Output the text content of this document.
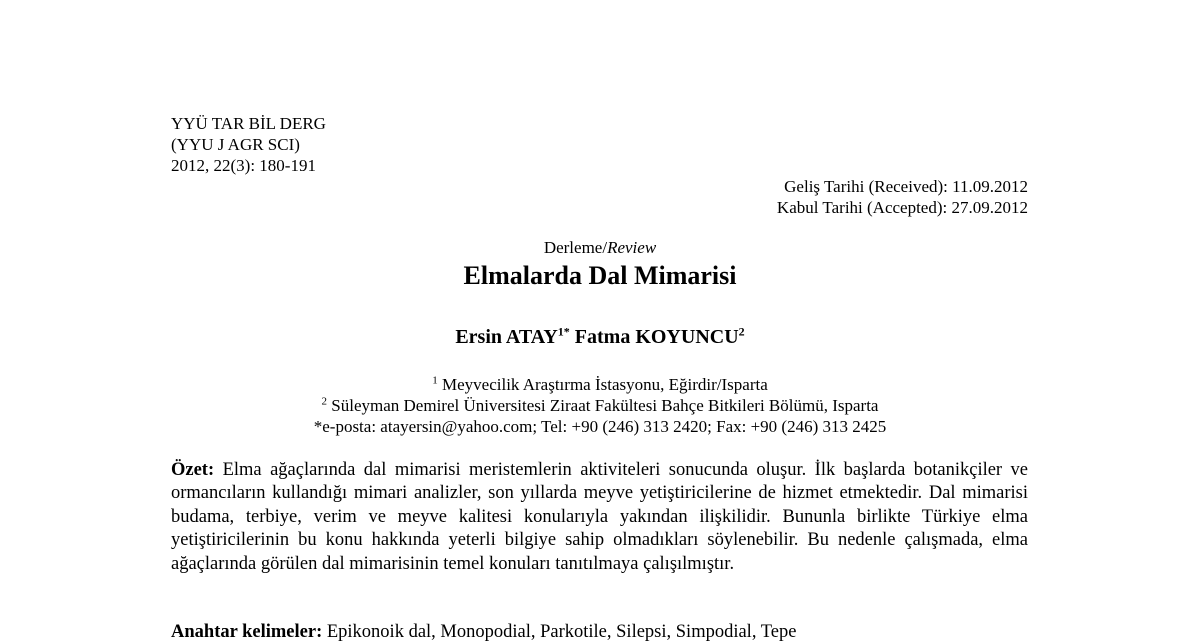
YYÜ TAR BİL DERG
(YYU J AGR SCI)
2012, 22(3): 180-191
Geliş Tarihi (Received): 11.09.2012
Kabul Tarihi (Accepted): 27.09.2012
Derleme/Review
Elmalarda Dal Mimarisi
Ersin $ATAY^{1*}$ Fatma KOYUNCU$^2$
$^1$ Meyvecilik Araştırma İstasyonu, Eğirdir/Isparta
$^2$ Süleyman Demirel Üniversitesi Ziraat Fakültesi Bahçe Bitkileri Bölümü, Isparta
*e-posta: atayersin@yahoo.com; Tel: +90 (246) 313 2420; Fax: +90 (246) 313 2425
Özet: Elma ağaçlarında dal mimarisi meristemlerin aktiviteleri sonucunda oluşur. İlk başlarda botanikçiler ve ormancıların kullandığı mimari analizler, son yıllarda meyve yetiştiricilerine de hizmet etmektedir. Dal mimarisi budama, terbiye, verim ve meyve kalitesi konularıyla yakından ilişkilidir. Bununla birlikte Türkiye elma yetiştiricilerinin bu konu hakkında yeterli bilgiye sahip olmadıkları söylenebilir. Bu nedenle çalışmada, elma ağaçlarında görülen dal mimarisinin temel konuları tanıtılmaya çalışılmıştır.
Anahtar kelimeler: Epikonoik dal, Monopodial, Parkotile, Silepsi, Simpodial, Tepe
